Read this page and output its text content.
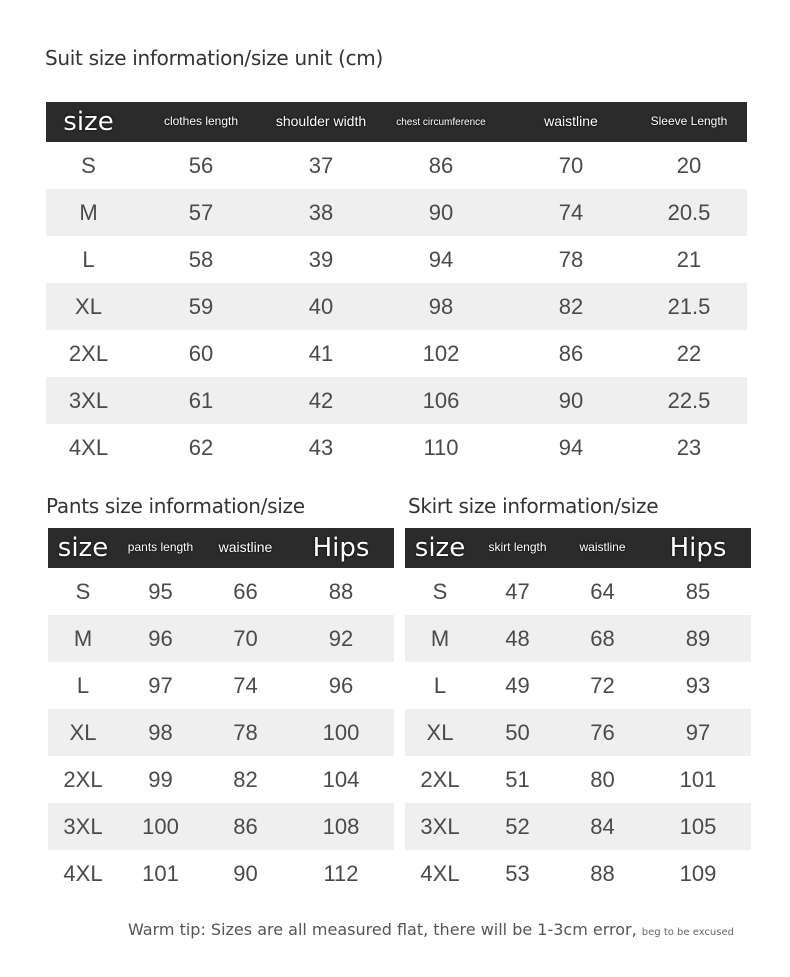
Suit size information/size unit (cm)
size	clothes length	shoulder width	chest circumference	waistline	Sleeve Length
S	56	37	86	70	20
M	57	38	90	74	20.5
L	58	39	94	78	21
XL	59	40	98	82	21.5
2XL	60	41	102	86	22
3XL	61	42	106	90	22.5
4XL	62	43	110	94	23
Pants size information/size
size	pants length	waistline	Hips
S	95	66	88
M	96	70	92
L	97	74	96
XL	98	78	100
2XL	99	82	104
3XL	100	86	108
4XL	101	90	112
Skirt size information/size
size	skirt length	waistline	Hips
S	47	64	85
M	48	68	89
L	49	72	93
XL	50	76	97
2XL	51	80	101
3XL	52	84	105
4XL	53	88	109
Warm tip: Sizes are all measured flat, there will be 1-3cm error, beg to be excused
